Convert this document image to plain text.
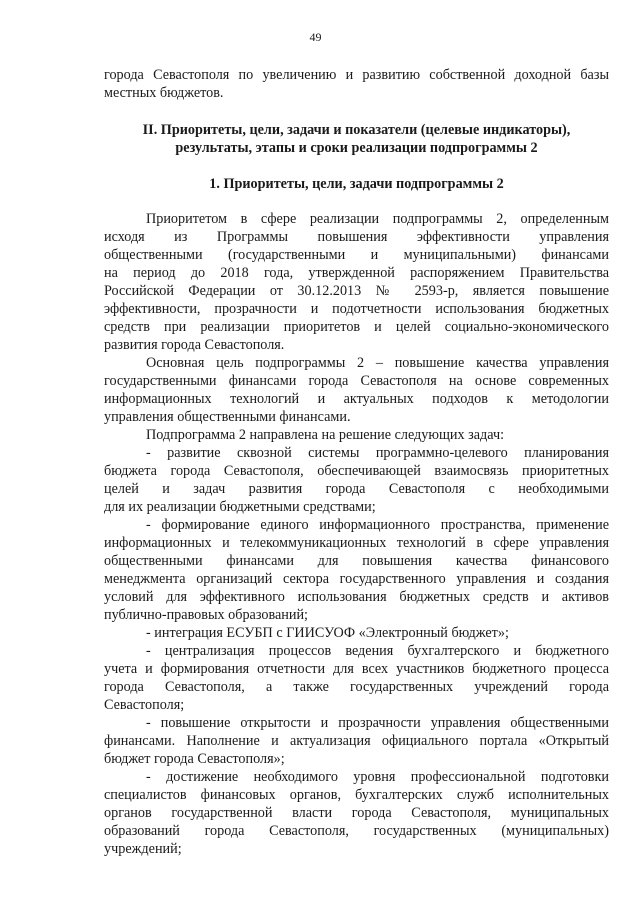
49
города Севастополя по увеличению и развитию собственной доходной базы
местных бюджетов.
II. Приоритеты, цели, задачи и показатели (целевые индикаторы),
результаты, этапы и сроки реализации подпрограммы 2
1. Приоритеты, цели, задачи подпрограммы 2
Приоритетом в сфере реализации подпрограммы 2, определенным
исходя из Программы повышения эффективности управления
общественными (государственными и муниципальными) финансами
на период до 2018 года, утвержденной распоряжением Правительства
Российской Федерации от 30.12.2013 № 2593-р, является повышение
эффективности, прозрачности и подотчетности использования бюджетных
средств при реализации приоритетов и целей социально-экономического
развития города Севастополя.
Основная цель подпрограммы 2 – повышение качества управления
государственными финансами города Севастополя на основе современных
информационных технологий и актуальных подходов к методологии
управления общественными финансами.
Подпрограмма 2 направлена на решение следующих задач:
- развитие сквозной системы программно-целевого планирования
бюджета города Севастополя, обеспечивающей взаимосвязь приоритетных
целей и задач развития города Севастополя с необходимыми
для их реализации бюджетными средствами;
- формирование единого информационного пространства, применение
информационных и телекоммуникационных технологий в сфере управления
общественными финансами для повышения качества финансового
менеджмента организаций сектора государственного управления и создания
условий для эффективного использования бюджетных средств и активов
публично-правовых образований;
- интеграция ЕСУБП с ГИИСУОФ «Электронный бюджет»;
- централизация процессов ведения бухгалтерского и бюджетного
учета и формирования отчетности для всех участников бюджетного процесса
города Севастополя, а также государственных учреждений города
Севастополя;
- повышение открытости и прозрачности управления общественными
финансами. Наполнение и актуализация официального портала «Открытый
бюджет города Севастополя»;
- достижение необходимого уровня профессиональной подготовки
специалистов финансовых органов, бухгалтерских служб исполнительных
органов государственной власти города Севастополя, муниципальных
образований города Севастополя, государственных (муниципальных)
учреждений;
